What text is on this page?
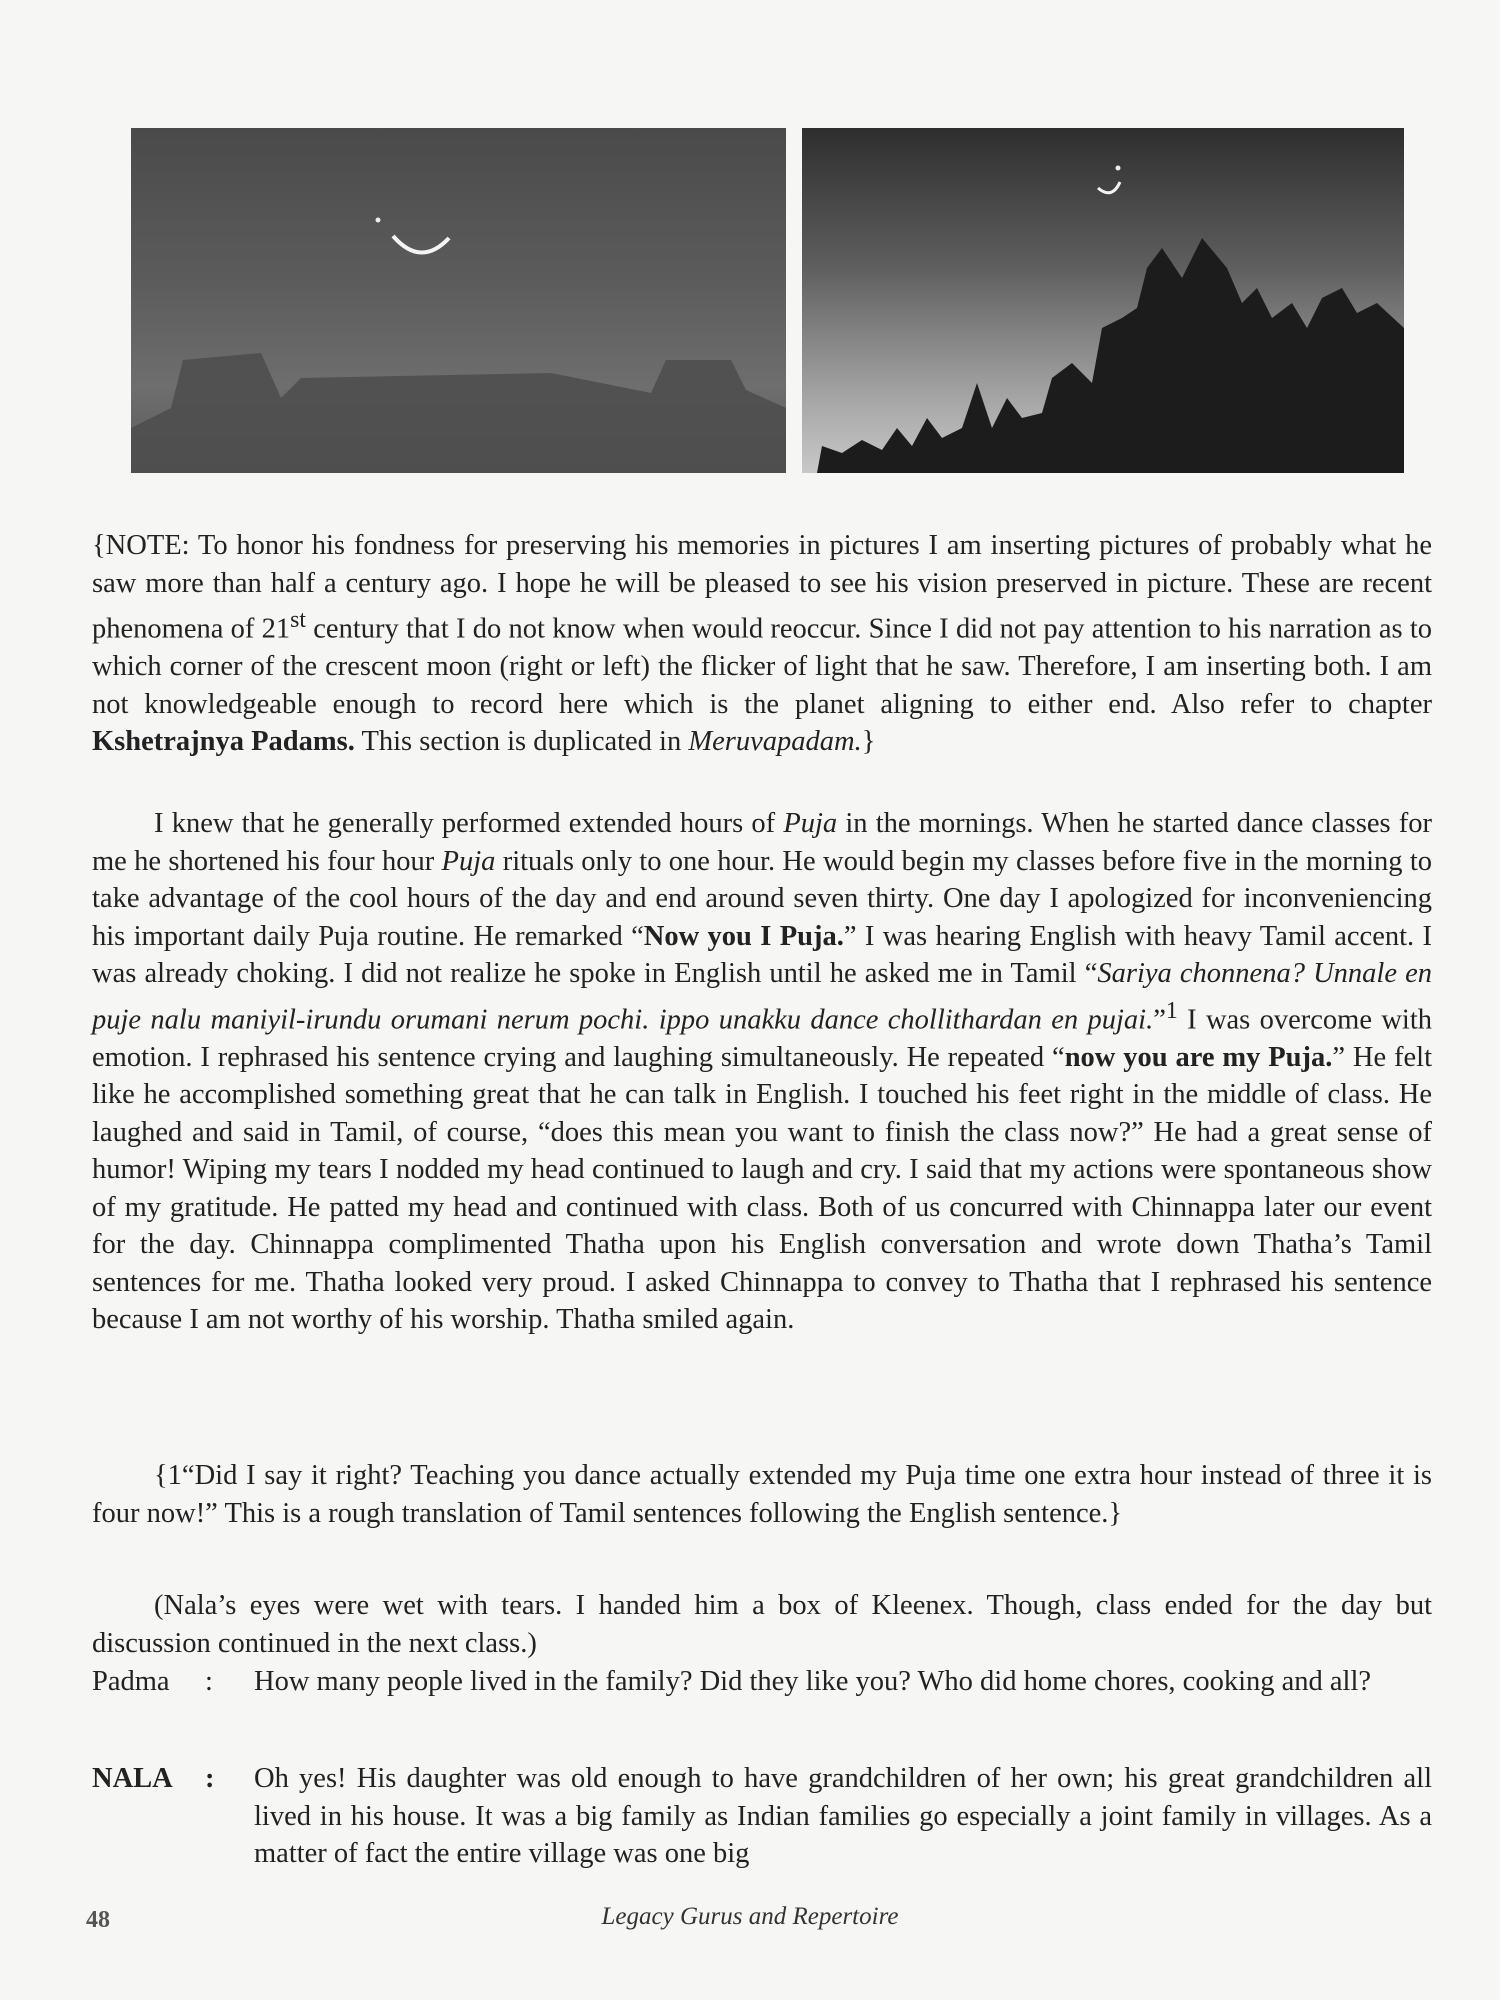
{NOTE: To honor his fondness for preserving his memories in pictures I am inserting pictures of probably what he saw more than half a century ago. I hope he will be pleased to see his vision preserved in picture. These are recent phenomena of 21st century that I do not know when would reoccur. Since I did not pay attention to his narration as to which corner of the crescent moon (right or left) the flicker of light that he saw. Therefore, I am inserting both. I am not knowledgeable enough to record here which is the planet aligning to either end. Also refer to chapter Kshetrajnya Padams. This section is duplicated in Meruvapadam.}

I knew that he generally performed extended hours of Puja in the mornings. When he started dance classes for me he shortened his four hour Puja rituals only to one hour. He would begin my classes before five in the morning to take advantage of the cool hours of the day and end around seven thirty. One day I apologized for inconveniencing his important daily Puja routine. He remarked “Now you I Puja.” I was hearing English with heavy Tamil accent. I was already choking. I did not realize he spoke in English until he asked me in Tamil “Sariya chonnena? Unnale en puje nalu maniyil-irundu orumani nerum pochi. ippo unakku dance chollithardan en pujai.”$^1$ I was overcome with emotion. I rephrased his sentence crying and laughing simultaneously. He repeated “now you are my Puja.” He felt like he accomplished something great that he can talk in English. I touched his feet right in the middle of class. He laughed and said in Tamil, of course, “does this mean you want to finish the class now?” He had a great sense of humor! Wiping my tears I nodded my head continued to laugh and cry. I said that my actions were spontaneous show of my gratitude. He patted my head and continued with class. Both of us concurred with Chinnappa later our event for the day. Chinnappa complimented Thatha upon his English conversation and wrote down Thatha’s Tamil sentences for me. Thatha looked very proud. I asked Chinnappa to convey to Thatha that I rephrased his sentence because I am not worthy of his worship. Thatha smiled again.

{1“Did I say it right? Teaching you dance actually extended my Puja time one extra hour instead of three it is four now!” This is a rough translation of Tamil sentences following the English sentence.}
(Nala’s eyes were wet with tears. I handed him a box of Kleenex. Though, class ended for the day but discussion continued in the next class.)
Padma	: How many people lived in the family? Did they like you? Who did home chores, cooking and all?
NALA	: Oh yes! His daughter was old enough to have grandchildren of her own; his great grandchildren all lived in his house. It was a big family as Indian families go especially a joint family in villages. As a matter of fact the entire village was one big
48	Legacy Gurus and Repertoire
